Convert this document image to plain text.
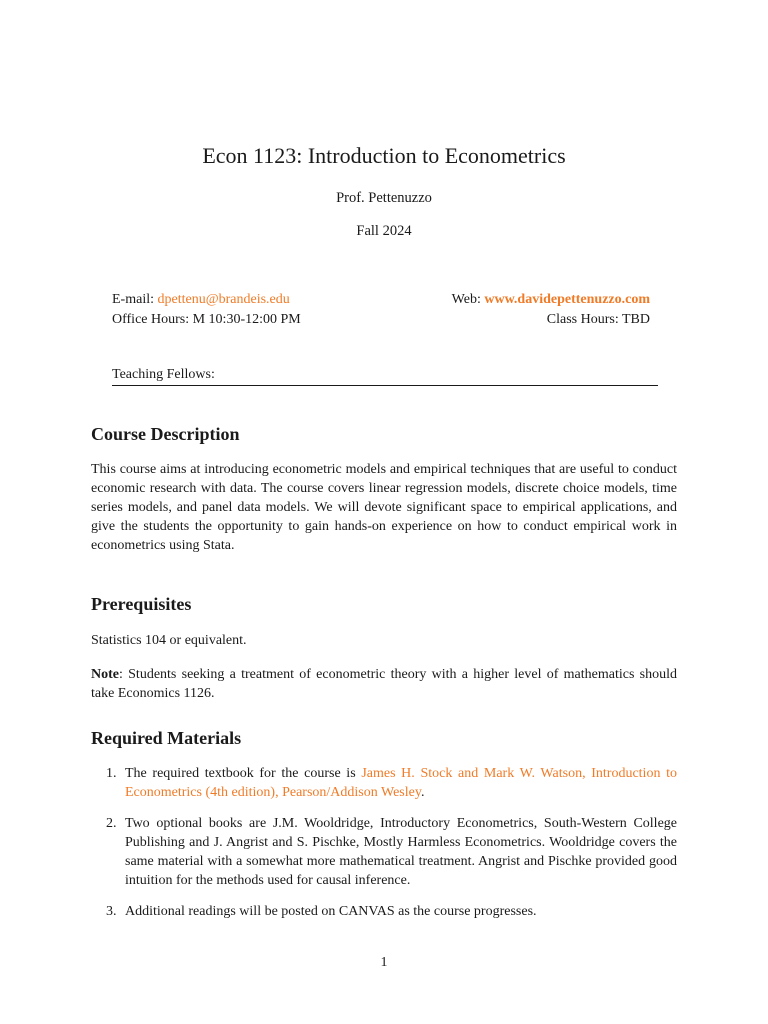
Econ 1123: Introduction to Econometrics
Prof. Pettenuzzo
Fall 2024
E-mail: dpettenu@brandeis.edu	Web: www.davidepettenuzzo.com
Office Hours: M 10:30-12:00 PM	Class Hours: TBD
Teaching Fellows:
Course Description

This course aims at introducing econometric models and empirical techniques that are useful to conduct economic research with data. The course covers linear regression models, discrete choice models, time series models, and panel data models. We will devote significant space to empirical applications, and give the students the opportunity to gain hands-on experience on how to conduct empirical work in econometrics using Stata.

Prerequisites

Statistics 104 or equivalent.

Note: Students seeking a treatment of econometric theory with a higher level of mathematics should take Economics 1126.

Required Materials
1. The required textbook for the course is James H. Stock and Mark W. Watson, Introduction to Econometrics (4th edition), Pearson/Addison Wesley.
2. Two optional books are J.M. Wooldridge, Introductory Econometrics, South-Western College Publishing and J. Angrist and S. Pischke, Mostly Harmless Econometrics. Wooldridge covers the same material with a somewhat more mathematical treatment. Angrist and Pischke provided good intuition for the methods used for causal inference.
3. Additional readings will be posted on CANVAS as the course progresses.
1
